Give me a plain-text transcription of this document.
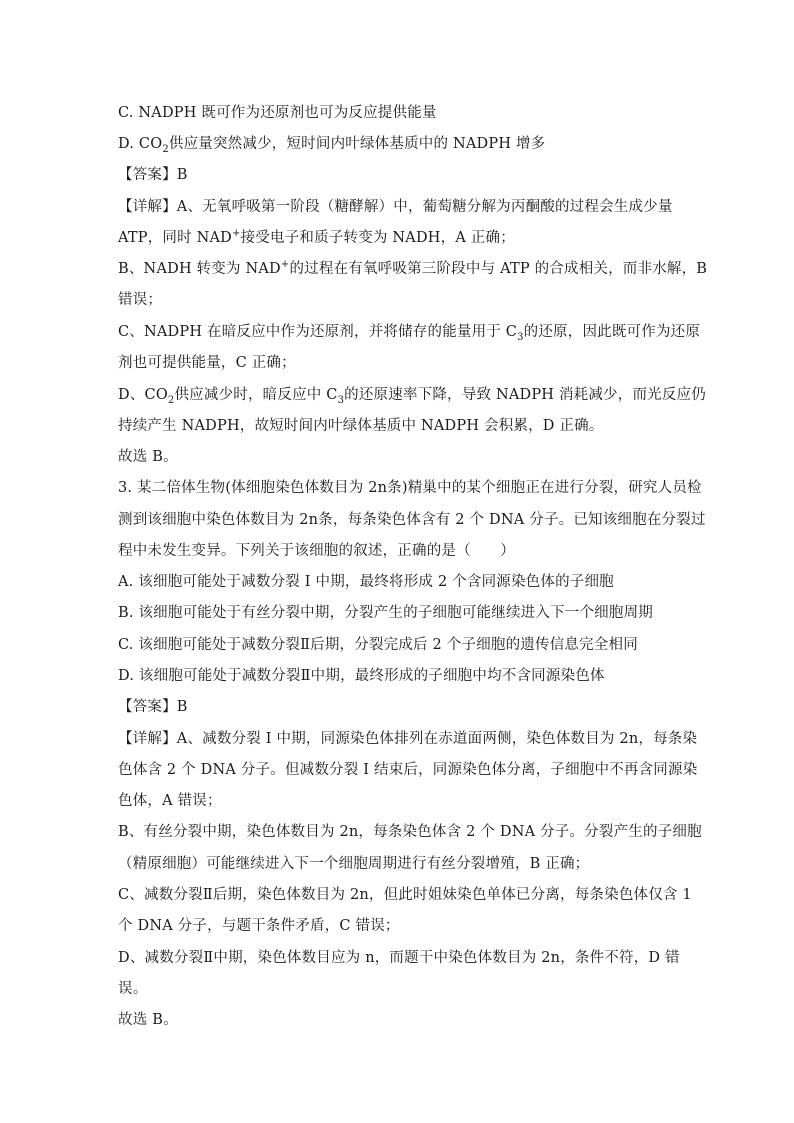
C. NADPH 既可作为还原剂也可为反应提供能量
D. $CO_2$供应量突然减少，短时间内叶绿体基质中的 NADPH 增多
【答案】B
【详解】A、无氧呼吸第一阶段（糖酵解）中，葡萄糖分解为丙酮酸的过程会生成少量
ATP，同时 NAD+接受电子和质子转变为 NADH，A 正确；
B、NADH 转变为 NAD+的过程在有氧呼吸第三阶段中与 ATP 的合成相关，而非水解，B
错误；
C、NADPH 在暗反应中作为还原剂，并将储存的能量用于 $C_3$的还原，因此既可作为还原
剂也可提供能量，C 正确；
D、$CO_2$供应减少时，暗反应中 $C_3$的还原速率下降，导致 NADPH 消耗减少，而光反应仍
持续产生 NADPH，故短时间内叶绿体基质中 NADPH 会积累，D 正确。
故选 B。
3. 某二倍体生物(体细胞染色体数目为 2n条)精巢中的某个细胞正在进行分裂，研究人员检
测到该细胞中染色体数目为 2n条，每条染色体含有 2 个 DNA 分子。已知该细胞在分裂过
程中未发生变异。下列关于该细胞的叙述，正确的是（　　）
A. 该细胞可能处于减数分裂 I 中期，最终将形成 2 个含同源染色体的子细胞
B. 该细胞可能处于有丝分裂中期，分裂产生的子细胞可能继续进入下一个细胞周期
C. 该细胞可能处于减数分裂Ⅱ后期，分裂完成后 2 个子细胞的遗传信息完全相同
D. 该细胞可能处于减数分裂Ⅱ中期，最终形成的子细胞中均不含同源染色体
【答案】B
【详解】A、减数分裂 I 中期，同源染色体排列在赤道面两侧，染色体数目为 2n，每条染
色体含 2 个 DNA 分子。但减数分裂 I 结束后，同源染色体分离，子细胞中不再含同源染
色体，A 错误；
B、有丝分裂中期，染色体数目为 2n，每条染色体含 2 个 DNA 分子。分裂产生的子细胞
（精原细胞）可能继续进入下一个细胞周期进行有丝分裂增殖，B 正确；
C、减数分裂Ⅱ后期，染色体数目为 2n，但此时姐妹染色单体已分离，每条染色体仅含 1
个 DNA 分子，与题干条件矛盾，C 错误；
D、减数分裂Ⅱ中期，染色体数目应为 n，而题干中染色体数目为 2n，条件不符，D 错
误。
故选 B。
